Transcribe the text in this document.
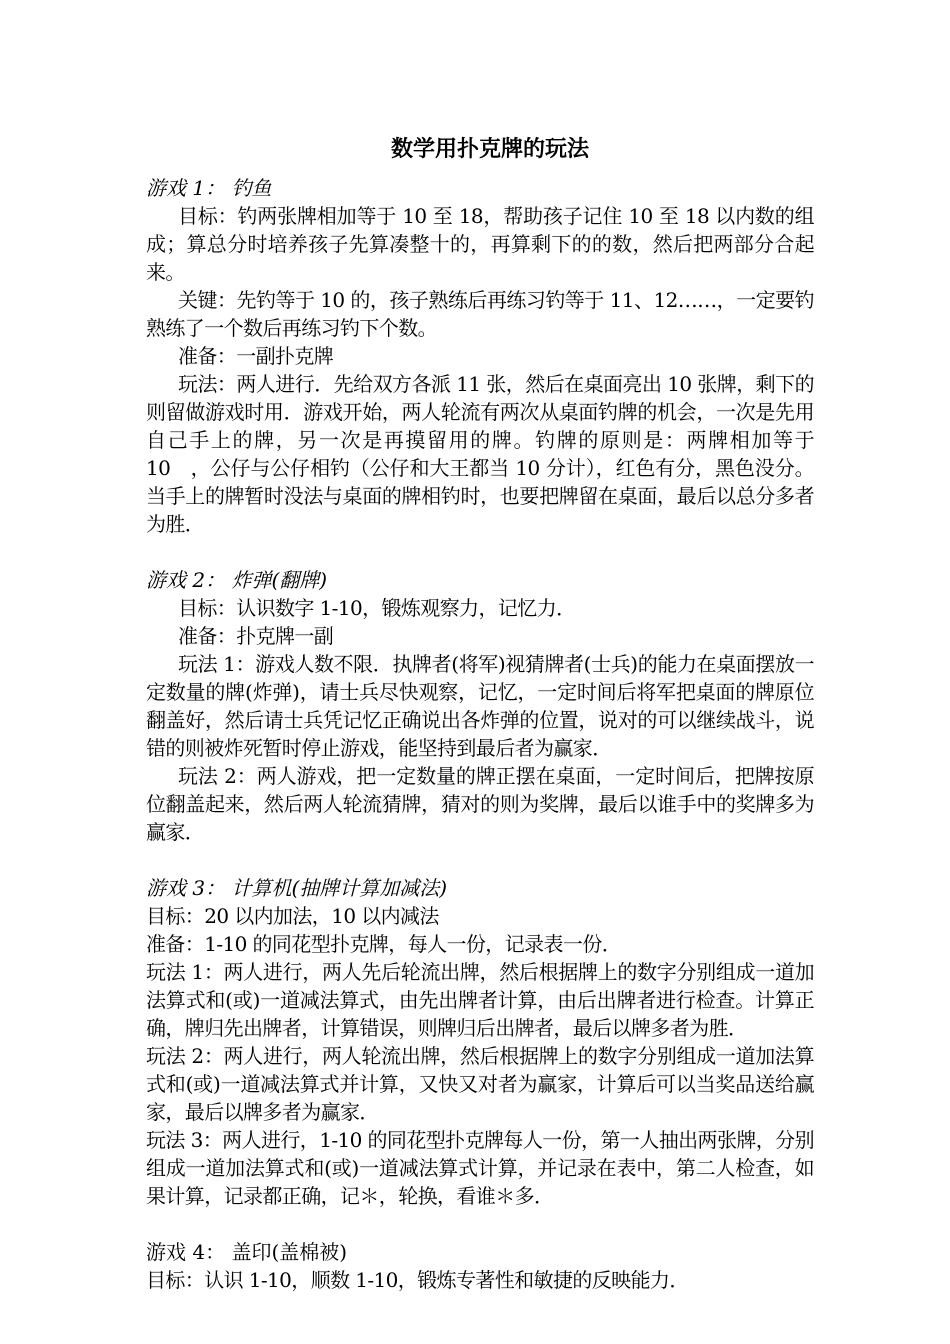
数学用扑克牌的玩法
游戏 1： 钓鱼

目标：钓两张牌相加等于 10 至 18，帮助孩子记住 10 至 18 以内数的组成；算总分时培养孩子先算凑整十的，再算剩下的的数，然后把两部分合起来。

关键：先钓等于 10 的，孩子熟练后再练习钓等于 11、12……，一定要钓熟练了一个数后再练习钓下个数。

准备：一副扑克牌

玩法：两人进行．先给双方各派 11 张，然后在桌面亮出 10 张牌，剩下的则留做游戏时用．游戏开始，两人轮流有两次从桌面钓牌的机会，一次是先用自己手上的牌，另一次是再摸留用的牌。钓牌的原则是：两牌相加等于 10　，公仔与公仔相钓（公仔和大王都当 10 分计），红色有分，黑色没分。当手上的牌暂时没法与桌面的牌相钓时，也要把牌留在桌面，最后以总分多者为胜．

游戏 2： 炸弹(翻牌)

目标：认识数字 1-10，锻炼观察力，记忆力．

准备：扑克牌一副

玩法 1：游戏人数不限．执牌者(将军)视猜牌者(士兵)的能力在桌面摆放一定数量的牌(炸弹)，请士兵尽快观察，记忆，一定时间后将军把桌面的牌原位翻盖好，然后请士兵凭记忆正确说出各炸弹的位置，说对的可以继续战斗，说错的则被炸死暂时停止游戏，能坚持到最后者为赢家．

玩法 2：两人游戏，把一定数量的牌正摆在桌面，一定时间后，把牌按原位翻盖起来，然后两人轮流猜牌，猜对的则为奖牌，最后以谁手中的奖牌多为赢家．

游戏 3： 计算机(抽牌计算加减法)

目标：20 以内加法，10 以内减法

准备：1-10 的同花型扑克牌，每人一份，记录表一份．

玩法 1：两人进行，两人先后轮流出牌，然后根据牌上的数字分别组成一道加法算式和(或)一道减法算式，由先出牌者计算，由后出牌者进行检查。计算正确，牌归先出牌者，计算错误，则牌归后出牌者，最后以牌多者为胜．

玩法 2：两人进行，两人轮流出牌，然后根据牌上的数字分别组成一道加法算式和(或)一道减法算式并计算，又快又对者为赢家，计算后可以当奖品送给赢家，最后以牌多者为赢家．

玩法 3：两人进行，1-10 的同花型扑克牌每人一份，第一人抽出两张牌，分别组成一道加法算式和(或)一道减法算式计算，并记录在表中，第二人检查，如果计算，记录都正确，记＊，轮换，看谁＊多．

游戏 4： 盖印(盖棉被)

目标：认识 1-10，顺数 1-10，锻炼专著性和敏捷的反映能力．
